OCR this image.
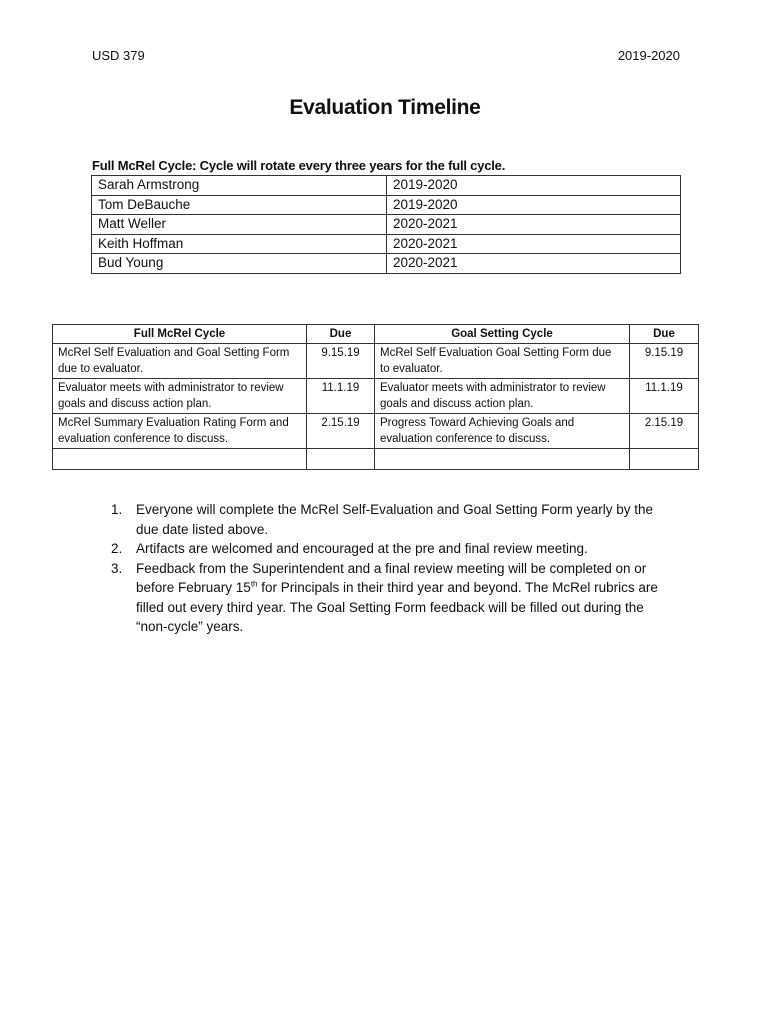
USD 379	2019-2020
Evaluation Timeline
Full McRel Cycle: Cycle will rotate every three years for the full cycle.
Sarah Armstrong	2019-2020
Tom DeBauche	2019-2020
Matt Weller	2020-2021
Keith Hoffman	2020-2021
Bud Young	2020-2021
Full McRel Cycle	Due	Goal Setting Cycle	Due
McRel Self Evaluation and Goal Setting Form due to evaluator.	9.15.19	McRel Self Evaluation Goal Setting Form due to evaluator.	9.15.19
Evaluator meets with administrator to review goals and discuss action plan.	11.1.19	Evaluator meets with administrator to review goals and discuss action plan.	11.1.19
McRel Summary Evaluation Rating Form and evaluation conference to discuss.	2.15.19	Progress Toward Achieving Goals and evaluation conference to discuss.	2.15.19

1. Everyone will complete the McRel Self-Evaluation and Goal Setting Form yearly by the due date listed above.
2. Artifacts are welcomed and encouraged at the pre and final review meeting.
3. Feedback from the Superintendent and a final review meeting will be completed on or before February 15th for Principals in their third year and beyond. The McRel rubrics are filled out every third year. The Goal Setting Form feedback will be filled out during the “non-cycle” years.
